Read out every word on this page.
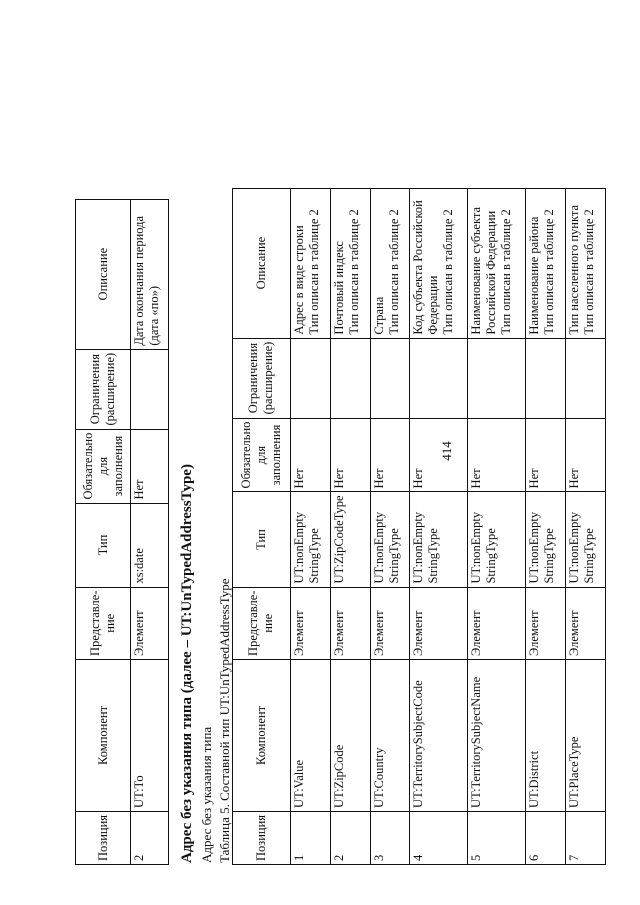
414
Позиция	Компонент	Представле-ние	Тип	Обязательно для заполнения	Ограничения (расширение)	Описание
2	UT:To	Элемент	xs:date	Нет		Дата окончания периода (дата «по»)
Адрес без указания типа (далее – UT:UnTypedAddressType) Адрес без указания типа Таблица 5. Составной тип UT:UnTypedAddressType Позиция	Компонент	Представле-ние	Тип	Обязательно для заполнения	Ограничения (расширение)	Описание
1	UT:Value	Элемент	UT:nonEmpty StringType	Нет		Адрес в виде строки Тип описан в таблице 2

2	UT:ZipCode	Элемент	UT:ZipCodeType	Нет		Почтовый индекс Тип описан в таблице 2

3	UT:Country	Элемент	UT:nonEmpty StringType	Нет		Страна Тип описан в таблице 2

4	UT:TerritorySubjectCode	Элемент	UT:nonEmpty StringType	Нет		Код субъекта Российской Федерации Тип описан в таблице 2

5	UT:TerritorySubjectName	Элемент	UT:nonEmpty StringType	Нет		Наименование субъекта Российской Федерации Тип описан в таблице 2

6	UT:District	Элемент	UT:nonEmpty StringType	Нет		Наименование района Тип описан в таблице 2

7	UT:PlaceType	Элемент	UT:nonEmpty StringType	Нет		Тип населенного пункта Тип описан в таблице 2
